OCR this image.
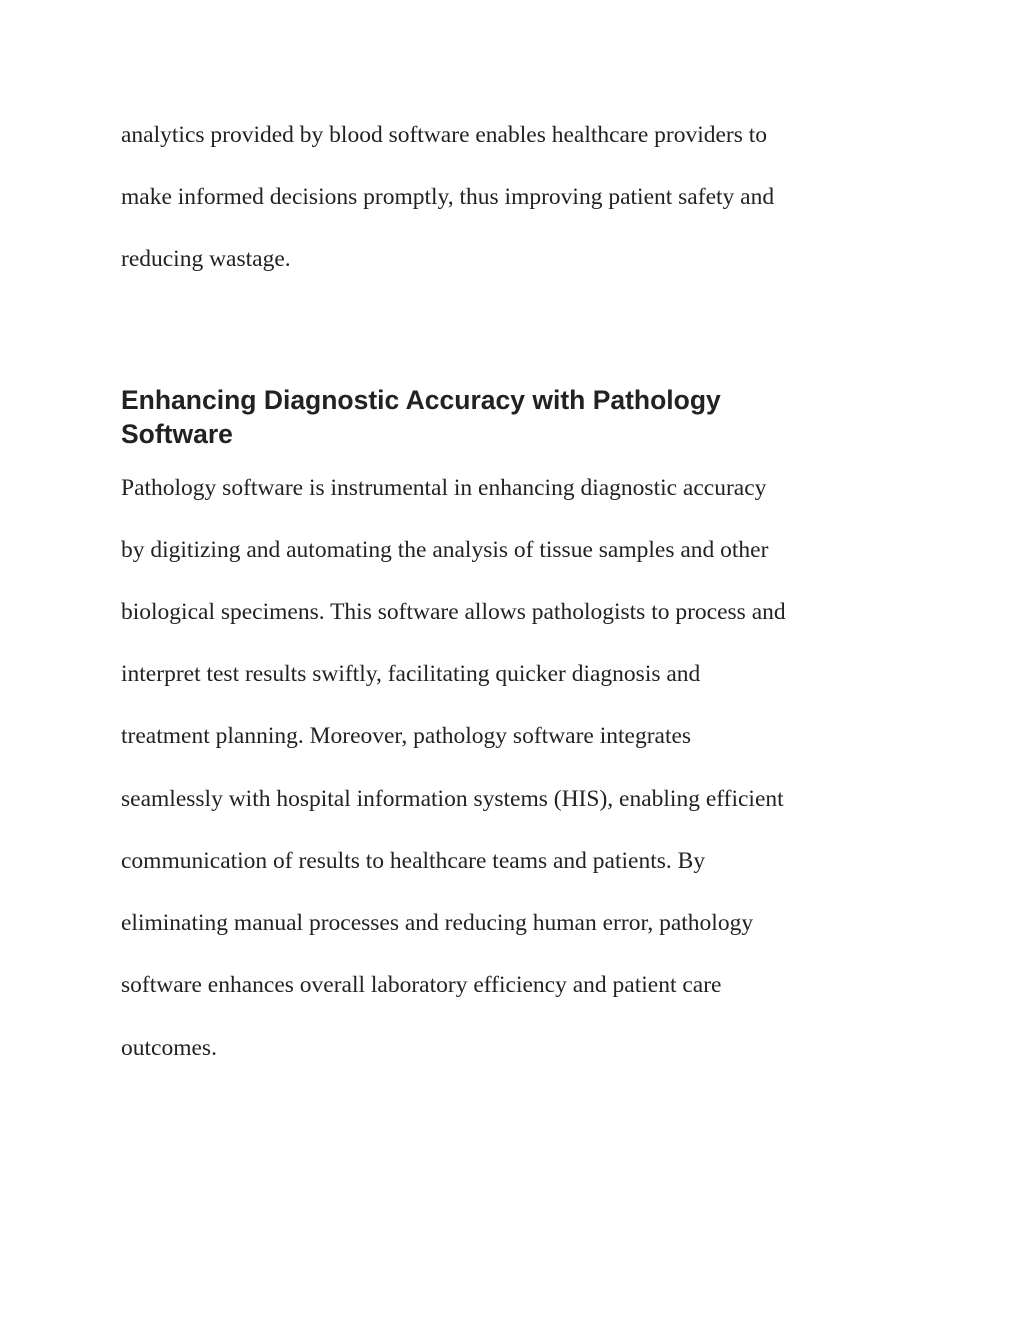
analytics provided by blood software enables healthcare providers to

make informed decisions promptly, thus improving patient safety and

reducing wastage.

Enhancing Diagnostic Accuracy with Pathology
Software

Pathology software is instrumental in enhancing diagnostic accuracy

by digitizing and automating the analysis of tissue samples and other

biological specimens. This software allows pathologists to process and

interpret test results swiftly, facilitating quicker diagnosis and

treatment planning. Moreover, pathology software integrates

seamlessly with hospital information systems (HIS), enabling efficient

communication of results to healthcare teams and patients. By

eliminating manual processes and reducing human error, pathology

software enhances overall laboratory efficiency and patient care

outcomes.
